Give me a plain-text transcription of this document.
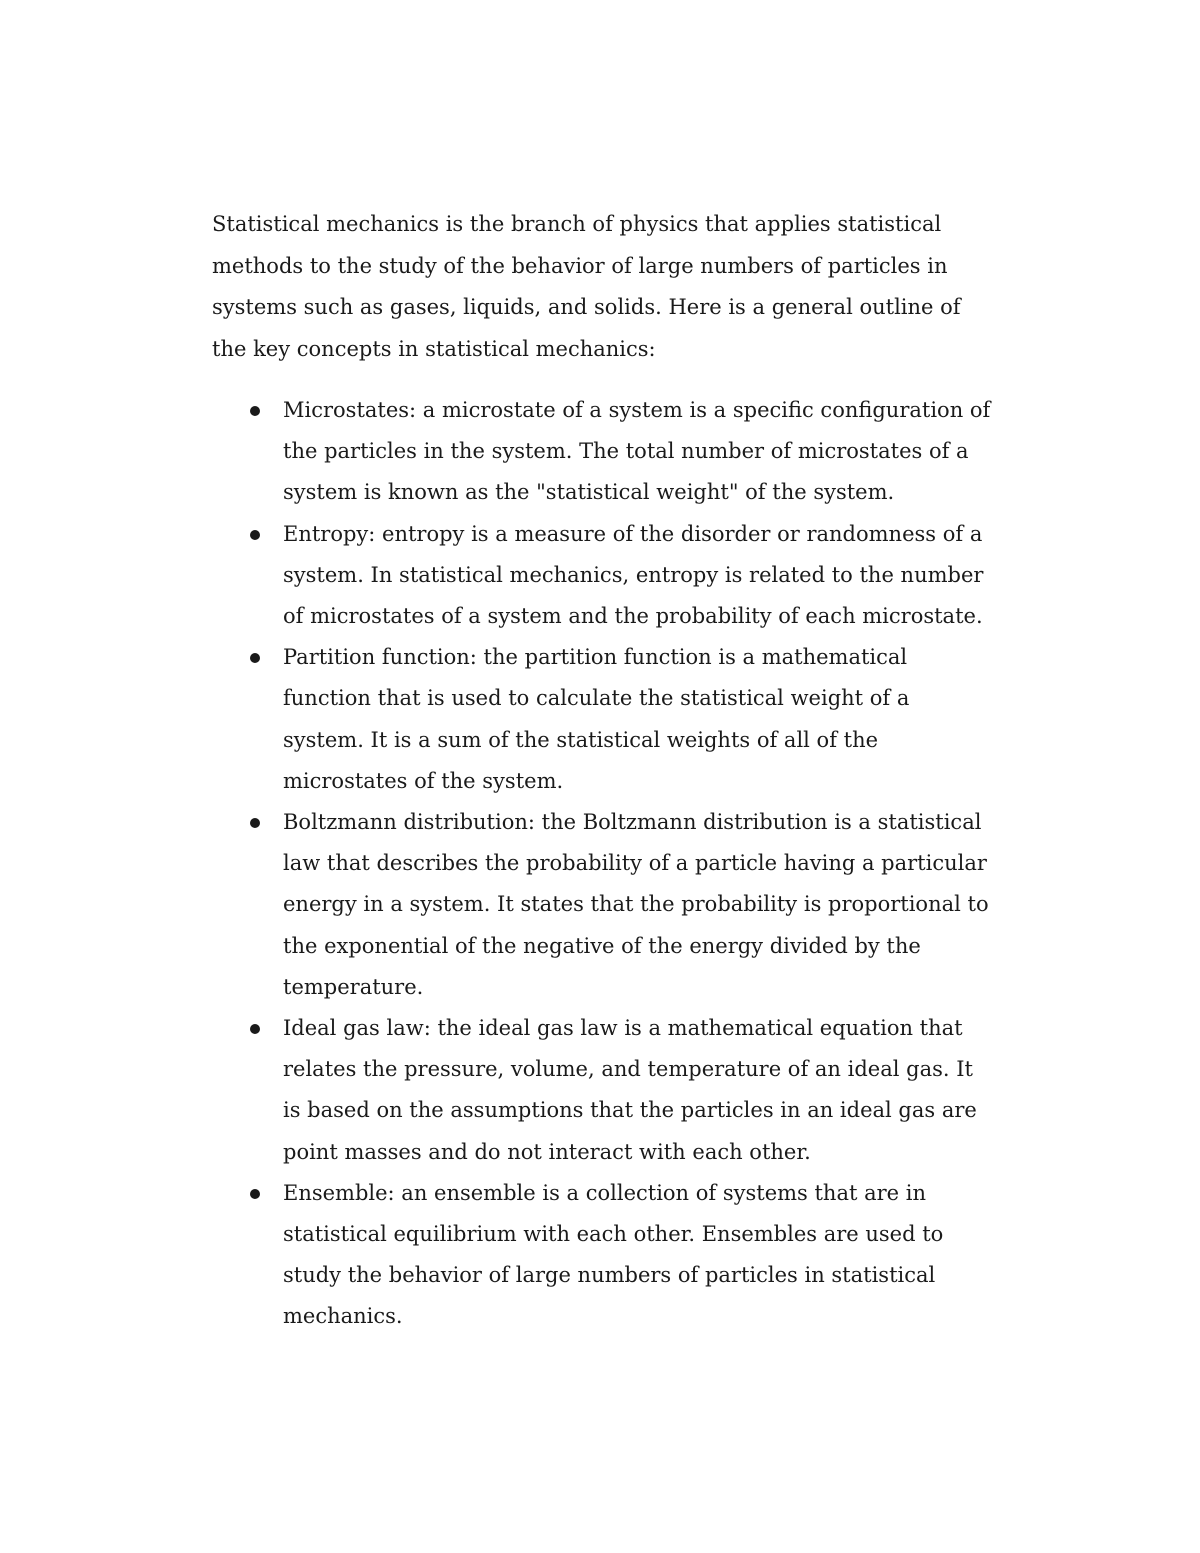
Statistical mechanics is the branch of physics that applies statistical methods to the study of the behavior of large numbers of particles in systems such as gases, liquids, and solids. Here is a general outline of the key concepts in statistical mechanics:

Microstates: a microstate of a system is a specific configuration of the particles in the system. The total number of microstates of a system is known as the "statistical weight" of the system.
Entropy: entropy is a measure of the disorder or randomness of a system. In statistical mechanics, entropy is related to the number of microstates of a system and the probability of each microstate.
Partition function: the partition function is a mathematical function that is used to calculate the statistical weight of a system. It is a sum of the statistical weights of all of the microstates of the system.
Boltzmann distribution: the Boltzmann distribution is a statistical law that describes the probability of a particle having a particular energy in a system. It states that the probability is proportional to the exponential of the negative of the energy divided by the temperature.
Ideal gas law: the ideal gas law is a mathematical equation that relates the pressure, volume, and temperature of an ideal gas. It is based on the assumptions that the particles in an ideal gas are point masses and do not interact with each other.
Ensemble: an ensemble is a collection of systems that are in statistical equilibrium with each other. Ensembles are used to study the behavior of large numbers of particles in statistical mechanics.
